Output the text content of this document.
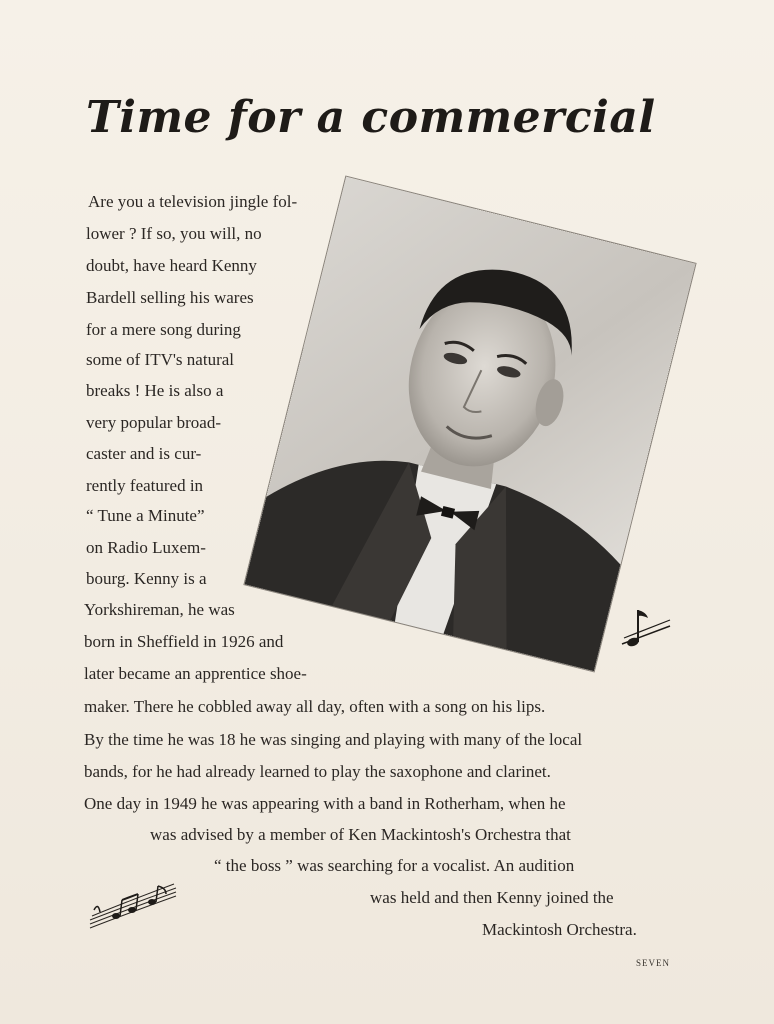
Time for a commercial
Are you a television jingle fol-
lower ? If so, you will, no
doubt, have heard Kenny
Bardell selling his wares
for a mere song during
some of ITV's natural
breaks ! He is also a
very popular broad-
caster and is cur-
rently featured in
“ Tune a Minute”
on Radio Luxem-
bourg. Kenny is a
Yorkshireman, he was
born in Sheffield in 1926 and
later became an apprentice shoe-
maker. There he cobbled away all day, often with a song on his lips.
By the time he was 18 he was singing and playing with many of the local
bands, for he had already learned to play the saxophone and clarinet.
One day in 1949 he was appearing with a band in Rotherham, when he
was advised by a member of Ken Mackintosh's Orchestra that
“ the boss ” was searching for a vocalist. An audition
was held and then Kenny joined the
Mackintosh Orchestra.
SEVEN
